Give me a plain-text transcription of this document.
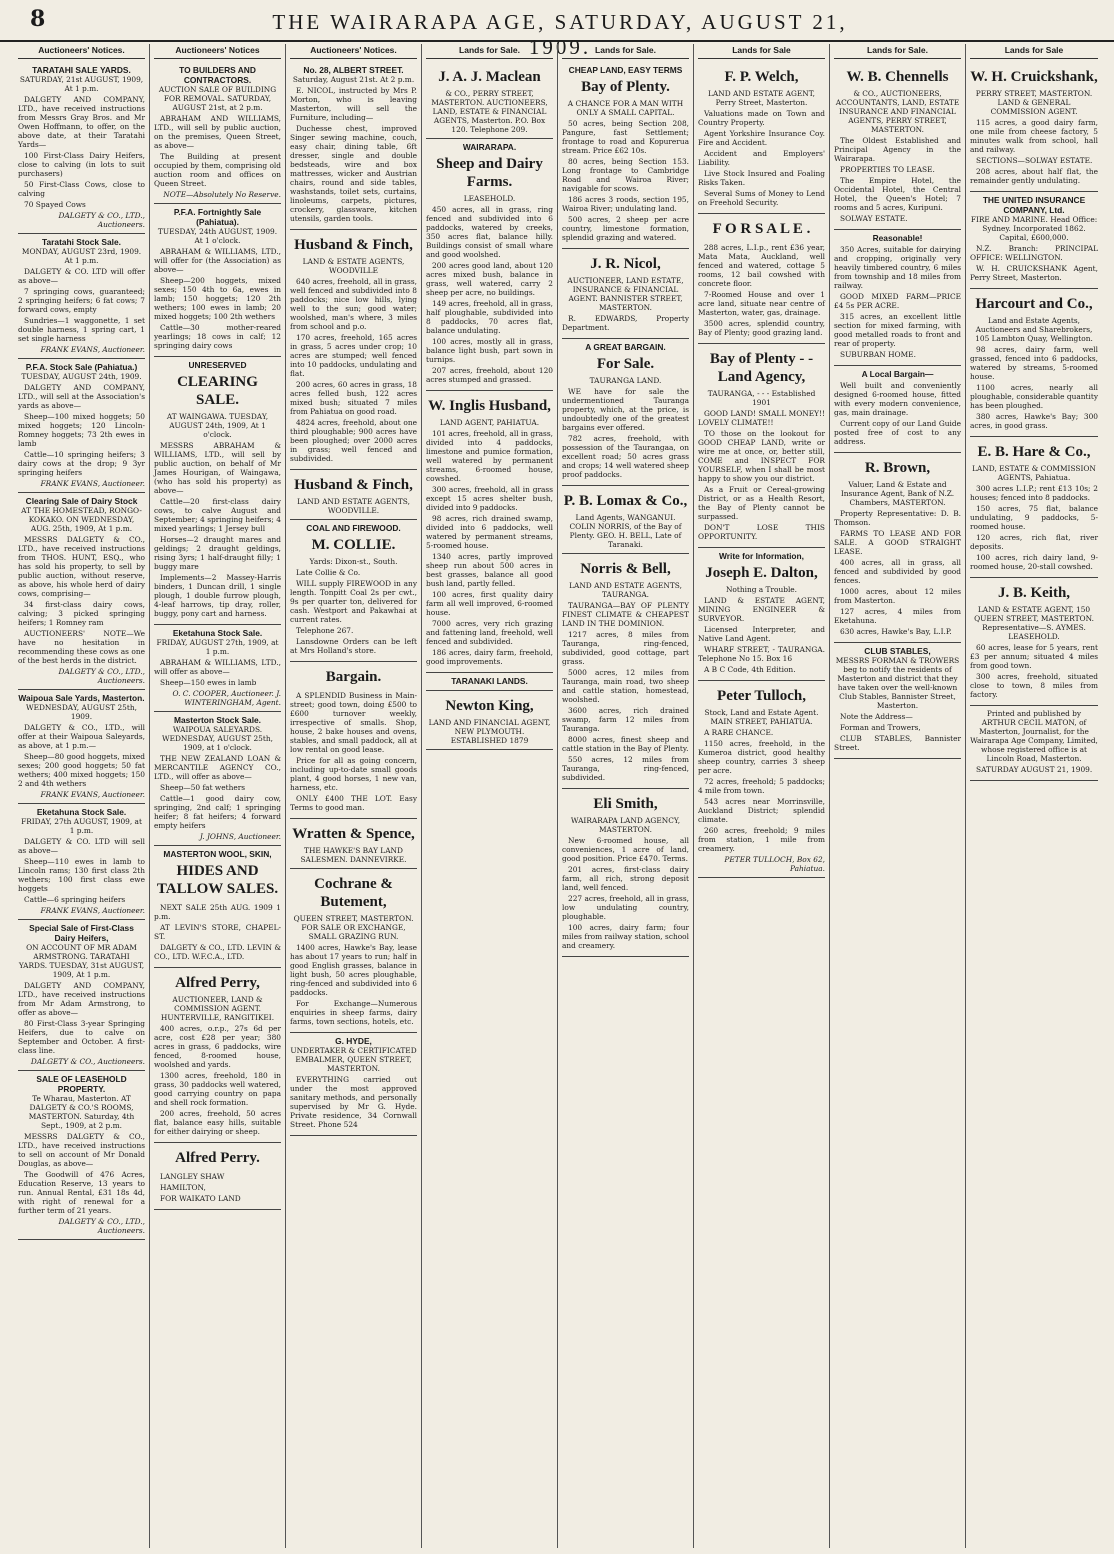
8	THE WAIRARAPA AGE, SATURDAY, AUGUST 21, 1909.
Auctioneers' Notices.
TARATAHI SALE YARDS.
SATURDAY, 21st AUGUST, 1909, At 1 p.m.

DALGETY AND COMPANY, LTD., have received instructions from Messrs Gray Bros. and Mr Owen Hoffmann, to offer, on the above date, at their Taratahi Yards—

100 First-Class Dairy Heifers, close to calving (in lots to suit purchasers)

50 First-Class Cows, close to calving

70 Spayed Cows

DALGETY & CO., LTD., Auctioneers.
Taratahi Stock Sale.
MONDAY, AUGUST 23rd, 1909. At 1 p.m.

DALGETY & CO. LTD will offer as above—

7 springing cows, guaranteed; 2 springing heifers; 6 fat cows; 7 forward cows, empty

Sundries—1 waggonette, 1 set double harness, 1 spring cart, 1 set single harness

FRANK EVANS, Auctioneer.
P.F.A. Stock Sale (Pahiatua.)
TUESDAY, AUGUST 24th, 1909.

DALGETY AND COMPANY, LTD., will sell at the Association's yards as above—

Sheep—100 mixed hoggets; 50 mixed hoggets; 120 Lincoln-Romney hoggets; 73 2th ewes in lamb

Cattle—10 springing heifers; 3 dairy cows at the drop; 9 3yr springing heifers

FRANK EVANS, Auctioneer.
Clearing Sale of Dairy Stock
AT THE HOMESTEAD, RONGO-KOKAKO. ON WEDNESDAY, AUG. 25th, 1909, At 1 p.m.

MESSRS DALGETY & CO., LTD., have received instructions from THOS. HUNT, ESQ., who has sold his property, to sell by public auction, without reserve, as above, his whole herd of dairy cows, comprising—

34 first-class dairy cows, calving; 3 picked springing heifers; 1 Romney ram

AUCTIONEERS' NOTE—We have no hesitation in recommending these cows as one of the best herds in the district.

DALGETY & CO., LTD., Auctioneers.
Waipoua Sale Yards, Masterton.
WEDNESDAY, AUGUST 25th, 1909.

DALGETY & CO., LTD., will offer at their Waipoua Saleyards, as above, at 1 p.m.—

Sheep—80 good hoggets, mixed sexes; 200 good hoggets; 50 fat wethers; 400 mixed hoggets; 150 2 and 4th wethers

FRANK EVANS, Auctioneer.
Eketahuna Stock Sale.
FRIDAY, 27th AUGUST, 1909, at 1 p.m.

DALGETY & CO. LTD will sell as above—

Sheep—110 ewes in lamb to Lincoln rams; 130 first class 2th wethers; 100 first class ewe hoggets

Cattle—6 springing heifers

FRANK EVANS, Auctioneer.
Special Sale of First-Class Dairy Heifers,
ON ACCOUNT OF MR ADAM ARMSTRONG. TARATAHI YARDS. TUESDAY, 31st AUGUST, 1909, At 1 p.m.

DALGETY AND COMPANY, LTD., have received instructions from Mr Adam Armstrong, to offer as above—

80 First-Class 3-year Springing Heifers, due to calve on September and October. A first-class line.

DALGETY & CO., Auctioneers.
SALE OF LEASEHOLD PROPERTY.
Te Wharau, Masterton. AT DALGETY & CO.'S ROOMS, MASTERTON. Saturday, 4th Sept., 1909, at 2 p.m.

MESSRS DALGETY & CO., LTD., have received instructions to sell on account of Mr Donald Douglas, as above—

The Goodwill of 476 Acres, Education Reserve, 13 years to run. Annual Rental, £31 18s 4d, with right of renewal for a further term of 21 years.

DALGETY & CO., LTD., Auctioneers.
Auctioneers' Notices
TO BUILDERS AND CONTRACTORS.
AUCTION SALE OF BUILDING FOR REMOVAL. SATURDAY, AUGUST 21st, at 2 p.m.

ABRAHAM AND WILLIAMS, LTD., will sell by public auction, on the premises, Queen Street, as above—

The Building at present occupied by them, comprising old auction room and offices on Queen Street.

NOTE—Absolutely No Reserve.
P.F.A. Fortnightly Sale (Pahiatua).
TUESDAY, 24th AUGUST, 1909. At 1 o'clock.

ABRAHAM & WILLIAMS, LTD., will offer for (the Association) as above—

Sheep—200 hoggets, mixed sexes; 150 4th to 6a, ewes in lamb; 150 hoggets; 120 2th wethers; 100 ewes in lamb; 20 mixed hoggets; 100 2th wethers

Cattle—30 mother-reared yearlings; 18 cows in calf; 12 springing dairy cows

UNRESERVED
CLEARING SALE.
AT WAINGAWA. TUESDAY, AUGUST 24th, 1909, At 1 o'clock.

MESSRS ABRAHAM & WILLIAMS, LTD., will sell by public auction, on behalf of Mr James Hourigan, of Waingawa, (who has sold his property) as above—

Cattle—20 first-class dairy cows, to calve August and September; 4 springing heifers; 4 mixed yearlings; 1 Jersey bull

Horses—2 draught mares and geldings; 2 draught geldings, rising 3yrs; 1 half-draught filly; 1 buggy mare

Implements—2 Massey-Harris binders, 1 Duncan drill, 1 single plough, 1 double furrow plough, 4-leaf harrows, tip dray, roller, buggy, pony cart and harness.

Eketahuna Stock Sale.
FRIDAY, AUGUST 27th, 1909, at 1 p.m.

ABRAHAM & WILLIAMS, LTD., will offer as above—

Sheep—150 ewes in lamb

O. C. COOPER, Auctioneer. J. WINTERINGHAM, Agent.
Masterton Stock Sale.
WAIPOUA SALEYARDS. WEDNESDAY, AUGUST 25th, 1909, at 1 o'clock.

THE NEW ZEALAND LOAN & MERCANTILE AGENCY CO., LTD., will offer as above—

Sheep—50 fat wethers

Cattle—1 good dairy cow, springing, 2nd calf; 1 springing heifer; 8 fat heifers; 4 forward empty heifers

J. JOHNS, Auctioneer.
MASTERTON WOOL, SKIN,
HIDES AND TALLOW SALES.

NEXT SALE 25th AUG. 1909 1 p.m.

AT LEVIN'S STORE, CHAPEL-ST.

DALGETY & CO., LTD. LEVIN & CO., LTD. W.F.C.A., LTD.

Alfred Perry,
AUCTIONEER, LAND & COMMISSION AGENT. HUNTERVILLE, RANGITIKEI.

400 acres, o.r.p., 27s 6d per acre, cost £28 per year; 380 acres in grass, 6 paddocks, wire fenced, 8-roomed house, woolshed and yards.

1300 acres, freehold, 180 in grass, 30 paddocks well watered, good carrying country on papa and shell rock formation.

200 acres, freehold, 50 acres flat, balance easy hills, suitable for either dairying or sheep.

Alfred Perry.

LANGLEY SHAW

HAMILTON,

FOR WAIKATO LAND

Auctioneers' Notices.
No. 28, ALBERT STREET.
Saturday, August 21st. At 2 p.m.

E. NICOL, instructed by Mrs P. Morton, who is leaving Masterton, will sell the Furniture, including—

Duchesse chest, improved Singer sewing machine, couch, easy chair, dining table, 6ft dresser, single and double bedsteads, wire and box mattresses, wicker and Austrian chairs, round and side tables, washstands, toilet sets, curtains, linoleums, carpets, pictures, crockery, glassware, kitchen utensils, garden tools.

Husband & Finch,
LAND & ESTATE AGENTS, WOODVILLE

640 acres, freehold, all in grass, well fenced and subdivided into 8 paddocks; nice low hills, lying well to the sun; good water; woolshed, man's where, 3 miles from school and p.o.

170 acres, freehold, 165 acres in grass, 5 acres under crop; 10 acres are stumped; well fenced into 10 paddocks, undulating and flat.

200 acres, 60 acres in grass, 18 acres felled bush, 122 acres mixed bush; situated 7 miles from Pahiatua on good road.

4824 acres, freehold, about one third ploughable; 900 acres have been ploughed; over 2000 acres in grass; well fenced and subdivided.

Husband & Finch,
LAND AND ESTATE AGENTS, WOODVILLE.
COAL AND FIREWOOD.
M. COLLIE.
Yards: Dixon-st., South.

Late Collie & Co.

WILL supply FIREWOOD in any length. Tonpitt Coal 2s per cwt., 9s per quarter ton, delivered for cash. Westport and Pakawhai at current rates.

Telephone 267.

Lansdowne Orders can be left at Mrs Holland's store.

Bargain.

A SPLENDID Business in Main-street; good town, doing £500 to £600 turnover weekly, irrespective of smalls. Shop, house, 2 bake houses and ovens, stables, and small paddock, all at low rental on good lease.

Price for all as going concern, including up-to-date small goods plant, 4 good horses, 1 new van, harness, etc.

ONLY £400 THE LOT. Easy Terms to good man.

Wratten & Spence,
THE HAWKE'S BAY LAND SALESMEN. DANNEVIRKE.
Cochrane & Butement,
QUEEN STREET, MASTERTON. FOR SALE OR EXCHANGE, SMALL GRAZING RUN.

1400 acres, Hawke's Bay, lease has about 17 years to run; half in good English grasses, balance in light bush, 50 acres ploughable, ring-fenced and subdivided into 6 paddocks.

For Exchange—Numerous enquiries in sheep farms, dairy farms, town sections, hotels, etc.

G. HYDE,
UNDERTAKER & CERTIFICATED EMBALMER, QUEEN STREET, MASTERTON.

EVERYTHING carried out under the most approved sanitary methods, and personally supervised by Mr G. Hyde. Private residence, 34 Cornwall Street. Phone 524

Lands for Sale.
J. A. J. Maclean
& CO., PERRY STREET, MASTERTON. AUCTIONEERS, LAND, ESTATE & FINANCIAL AGENTS, Masterton. P.O. Box 120. Telephone 209.
WAIRARAPA.
Sheep and Dairy Farms.
LEASEHOLD.

450 acres, all in grass, ring fenced and subdivided into 6 paddocks, watered by creeks, 350 acres flat, balance hilly. Buildings consist of small whare and good woolshed.

200 acres good land, about 120 acres mixed bush, balance in grass, well watered, carry 2 sheep per acre, no buildings.

149 acres, freehold, all in grass, half ploughable, subdivided into 8 paddocks, 70 acres flat, balance undulating.

100 acres, mostly all in grass, balance light bush, part sown in turnips.

207 acres, freehold, about 120 acres stumped and grassed.

W. Inglis Husband,
LAND AGENT, PAHIATUA.

101 acres, freehold, all in grass, divided into 4 paddocks, limestone and pumice formation, well watered by permanent streams, 6-roomed house, cowshed.

300 acres, freehold, all in grass except 15 acres shelter bush, divided into 9 paddocks.

98 acres, rich drained swamp, divided into 6 paddocks, well watered by permanent streams, 5-roomed house.

1340 acres, partly improved sheep run about 500 acres in best grasses, balance all good bush land, partly felled.

100 acres, first quality dairy farm all well improved, 6-roomed house.

7000 acres, very rich grazing and fattening land, freehold, well fenced and subdivided.

186 acres, dairy farm, freehold, good improvements.

TARANAKI LANDS.
Newton King,
LAND AND FINANCIAL AGENT, NEW PLYMOUTH. ESTABLISHED 1879
Lands for Sale.
CHEAP LAND, EASY TERMS
Bay of Plenty.
A CHANCE FOR A MAN WITH ONLY A SMALL CAPITAL.

50 acres, being Section 208, Pangure, fast Settlement; frontage to road and Kopurerua stream. Price £62 10s.

80 acres, being Section 153. Long frontage to Cambridge Road and Wairoa River; navigable for scows.

186 acres 3 roods, section 195, Wairoa River; undulating land.

500 acres, 2 sheep per acre country, limestone formation, splendid grazing and watered.

J. R. Nicol,
AUCTIONEER, LAND ESTATE, INSURANCE & FINANCIAL AGENT. BANNISTER STREET, MASTERTON.

R. EDWARDS, Property Department.

A GREAT BARGAIN.
For Sale.
TAURANGA LAND.

WE have for sale the undermentioned Tauranga property, which, at the price, is undoubtedly one of the greatest bargains ever offered.

782 acres, freehold, with possession of the Taurangaa, on excellent road; 50 acres grass and crops; 14 well watered sheep proof paddocks.

P. B. Lomax & Co.,
Land Agents, WANGANUI. COLIN NORRIS, of the Bay of Plenty. GEO. H. BELL, Late of Taranaki.
Norris & Bell,
LAND AND ESTATE AGENTS, TAURANGA.

TAURANGA—BAY OF PLENTY FINEST CLIMATE & CHEAPEST LAND IN THE DOMINION.

1217 acres, 8 miles from Tauranga, ring-fenced, subdivided, good cottage, part grass.

5000 acres, 12 miles from Tauranga, main road, two sheep and cattle station, homestead, woolshed.

3600 acres, rich drained swamp, farm 12 miles from Tauranga.

8000 acres, finest sheep and cattle station in the Bay of Plenty.

550 acres, 12 miles from Tauranga, ring-fenced, subdivided.

Eli Smith,
WAIRARAPA LAND AGENCY, MASTERTON.

New 6-roomed house, all conveniences, 1 acre of land, good position. Price £470. Terms.

201 acres, first-class dairy farm, all rich, strong deposit land, well fenced.

227 acres, freehold, all in grass, low undulating country, ploughable.

100 acres, dairy farm; four miles from railway station, school and creamery.

Lands for Sale
F. P. Welch,
LAND AND ESTATE AGENT, Perry Street, Masterton.

Valuations made on Town and Country Property.

Agent Yorkshire Insurance Coy. Fire and Accident.

Accident and Employers' Liability.

Live Stock Insured and Foaling Risks Taken.

Several Sums of Money to Lend on Freehold Security.

F O R S A L E .

288 acres, L.I.p., rent £36 year, Mata Mata, Auckland, well fenced and watered, cottage 5 rooms, 12 bail cowshed with concrete floor.

7-Roomed House and over 1 acre land, situate near centre of Masterton, water, gas, drainage.

3500 acres, splendid country, Bay of Plenty; good grazing land.

Bay of Plenty - - Land Agency,
TAURANGA, - - - Established 1901

GOOD LAND! SMALL MONEY!! LOVELY CLIMATE!!

TO those on the lookout for GOOD CHEAP LAND, write or wire me at once, or, better still, COME and INSPECT FOR YOURSELF, when I shall be most happy to show you our district.

As a Fruit or Cereal-growing District, or as a Health Resort, the Bay of Plenty cannot be surpassed.

DON'T LOSE THIS OPPORTUNITY.

Write for Information,
Joseph E. Dalton,
Nothing a Trouble.

LAND & ESTATE AGENT, MINING ENGINEER & SURVEYOR.

Licensed Interpreter, and Native Land Agent.

WHARF STREET, - TAURANGA. Telephone No 15. Box 16

A B C Code, 4th Edition.

Peter Tulloch,
Stock, Land and Estate Agent. MAIN STREET, PAHIATUA.

A RARE CHANCE.

1150 acres, freehold, in the Kumeroa district, good healthy sheep country, carries 3 sheep per acre.

72 acres, freehold; 5 paddocks; 4 mile from town.

543 acres near Morrinsville, Auckland District; splendid climate.

260 acres, freehold; 9 miles from station, 1 mile from creamery.

PETER TULLOCH, Box 62, Pahiatua.
Lands for Sale.
W. B. Chennells
& CO., AUCTIONEERS, ACCOUNTANTS, LAND, ESTATE INSURANCE AND FINANCIAL AGENTS, PERRY STREET, MASTERTON.

The Oldest Established and Principal Agency in the Wairarapa.

PROPERTIES TO LEASE.

The Empire Hotel, the Occidental Hotel, the Central Hotel, the Queen's Hotel; 7 rooms and 5 acres, Kuripuni.

SOLWAY ESTATE.

Reasonable!

350 Acres, suitable for dairying and cropping, originally very heavily timbered country, 6 miles from township and 18 miles from railway.

GOOD MIXED FARM—PRICE £4 5s PER ACRE.

315 acres, an excellent little section for mixed farming, with good metalled roads to front and rear of property.

SUBURBAN HOME.

A Local Bargain—

Well built and conveniently designed 6-roomed house, fitted with every modern convenience, gas, main drainage.

Current copy of our Land Guide posted free of cost to any address.

R. Brown,
Valuer, Land & Estate and Insurance Agent, Bank of N.Z. Chambers, MASTERTON.

Property Representative: D. B. Thomson.

FARMS TO LEASE AND FOR SALE. A GOOD STRAIGHT LEASE.

400 acres, all in grass, all fenced and subdivided by good fences.

1000 acres, about 12 miles from Masterton.

127 acres, 4 miles from Eketahuna.

630 acres, Hawke's Bay, L.I.P.

CLUB STABLES,
MESSRS FORMAN & TROWERS beg to notify the residents of Masterton and district that they have taken over the well-known Club Stables, Bannister Street, Masterton.

Note the Address—

Forman and Trowers,

CLUB STABLES, Bannister Street.

Lands for Sale
W. H. Cruickshank,
PERRY STREET, MASTERTON. LAND & GENERAL COMMISSION AGENT.

115 acres, a good dairy farm, one mile from cheese factory, 5 minutes walk from school, hall and railway.

SECTIONS—SOLWAY ESTATE.

208 acres, about half flat, the remainder gently undulating.

THE UNITED INSURANCE COMPANY, Ltd.
FIRE AND MARINE. Head Office: Sydney. Incorporated 1862. Capital, £600,000.

N.Z. Branch: PRINCIPAL OFFICE: WELLINGTON.

W. H. CRUICKSHANK Agent, Perry Street, Masterton.

Harcourt and Co.,
Land and Estate Agents, Auctioneers and Sharebrokers, 105 Lambton Quay, Wellington.

98 acres, dairy farm, well grassed, fenced into 6 paddocks, watered by streams, 5-roomed house.

1100 acres, nearly all ploughable, considerable quantity has been ploughed.

380 acres, Hawke's Bay; 300 acres, in good grass.

E. B. Hare & Co.,
LAND, ESTATE & COMMISSION AGENTS, Pahiatua.

300 acres L.I.P.; rent £13 10s; 2 houses; fenced into 8 paddocks.

150 acres, 75 flat, balance undulating, 9 paddocks, 5-roomed house.

120 acres, rich flat, river deposits.

100 acres, rich dairy land, 9-roomed house, 20-stall cowshed.

J. B. Keith,
LAND & ESTATE AGENT, 150 QUEEN STREET, MASTERTON. Representative—S. AYMES. LEASEHOLD.

60 acres, lease for 5 years, rent £3 per annum; situated 4 miles from good town.

300 acres, freehold, situated close to town, 8 miles from factory.

Printed and published by ARTHUR CECIL MATON, of Masterton, Journalist, for the Wairarapa Age Company, Limited, whose registered office is at Lincoln Road, Masterton.

SATURDAY AUGUST 21, 1909.
